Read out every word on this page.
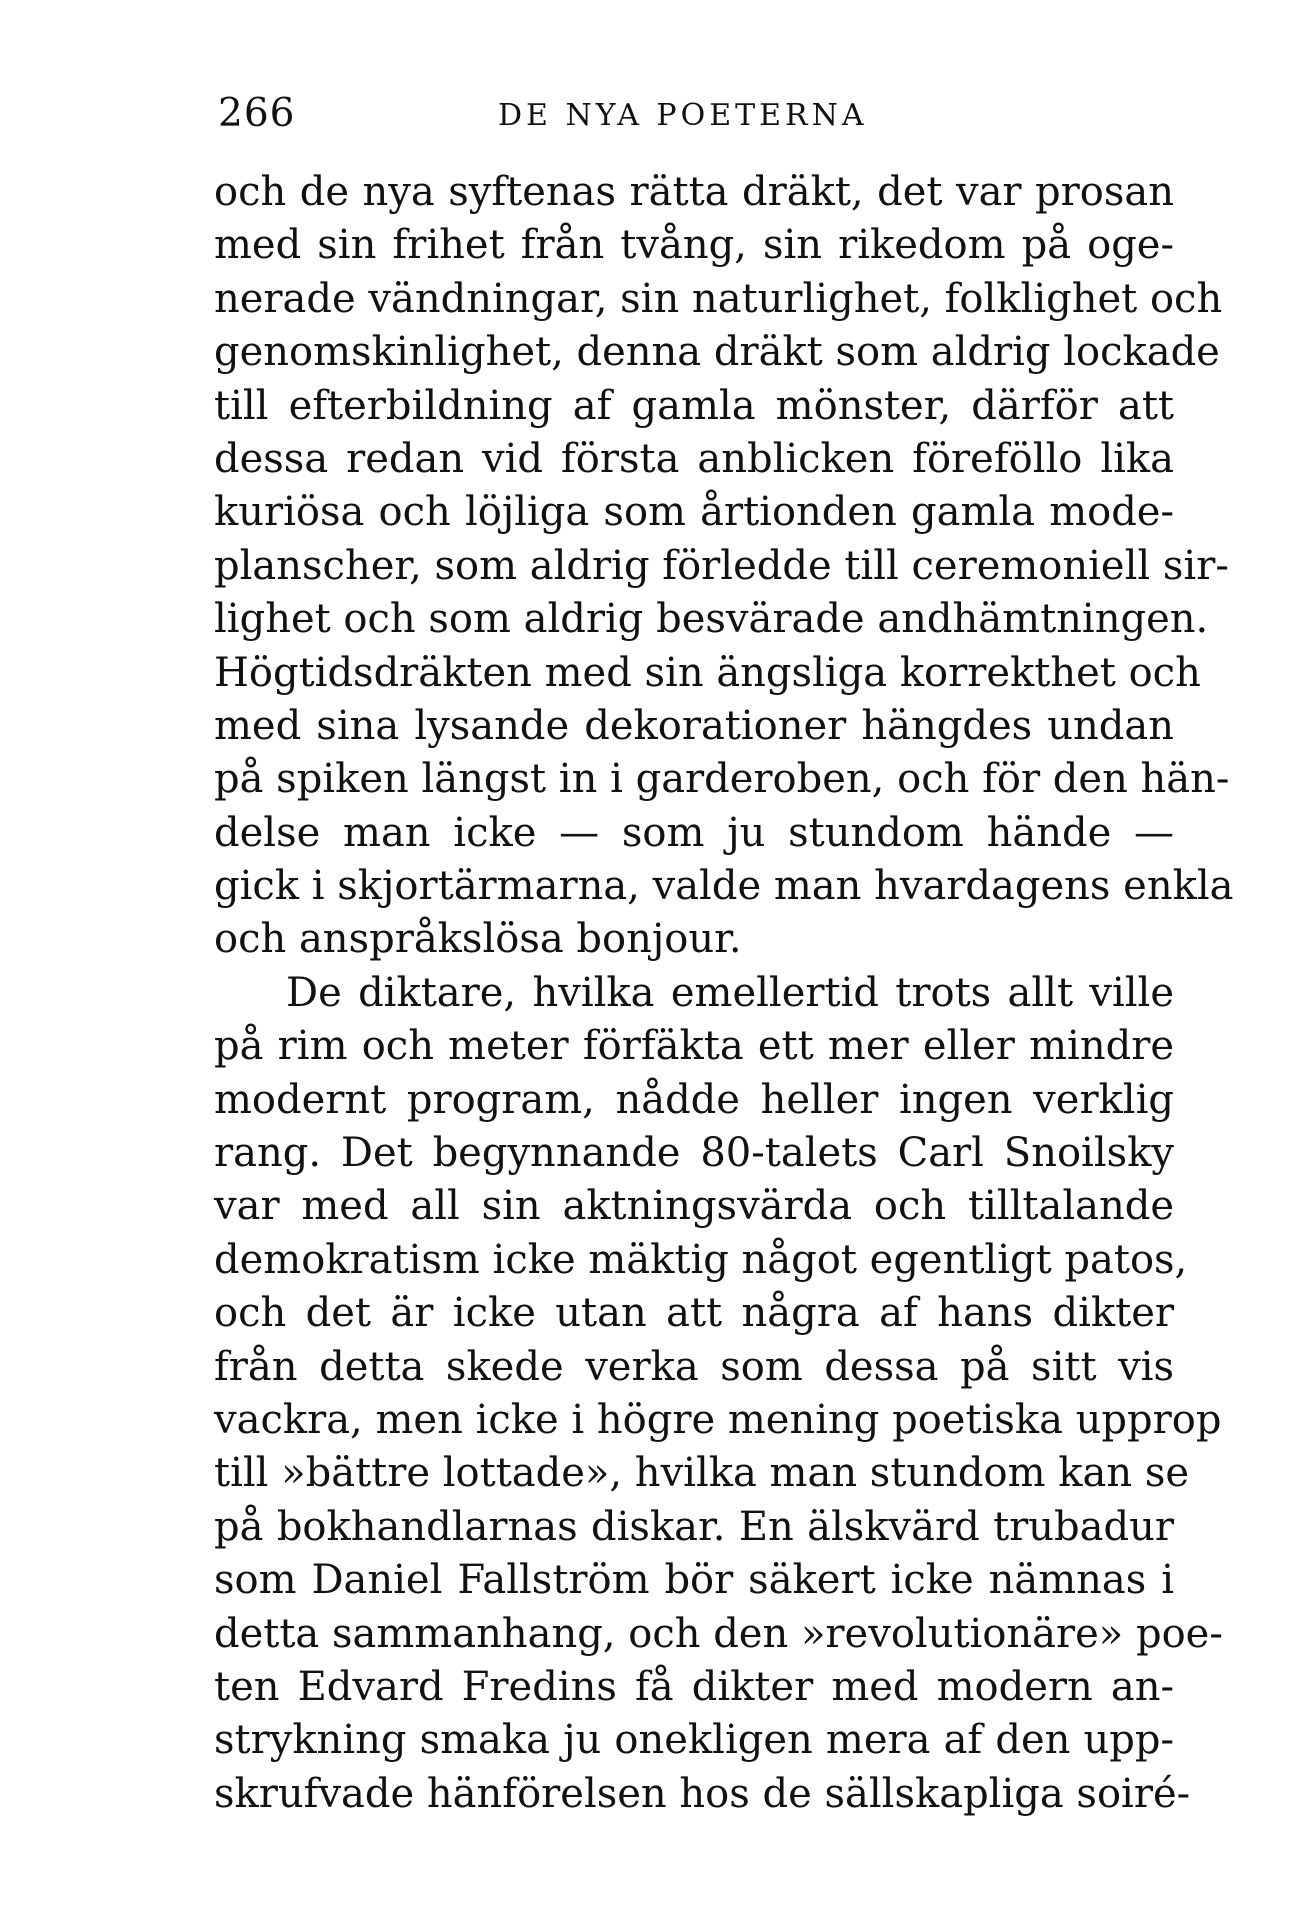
266	DE NYA POETERNA
och de nya syftenas rätta dräkt, det var prosan
med sin frihet från tvång, sin rikedom på oge-
nerade vändningar, sin naturlighet, folklighet och
genomskinlighet, denna dräkt som aldrig lockade
till efterbildning af gamla mönster, därför att
dessa redan vid första anblicken föreföllo lika
kuriösa och löjliga som årtionden gamla mode-
planscher, som aldrig förledde till ceremoniell sir-
lighet och som aldrig besvärade andhämtningen.
Högtidsdräkten med sin ängsliga korrekthet och
med sina lysande dekorationer hängdes undan
på spiken längst in i garderoben, och för den hän-
delse man icke — som ju stundom hände —
gick i skjortärmarna, valde man hvardagens enkla
och anspråkslösa bonjour.
De diktare, hvilka emellertid trots allt ville
på rim och meter förfäkta ett mer eller mindre
modernt program, nådde heller ingen verklig
rang. Det begynnande 80-talets Carl Snoilsky
var med all sin aktningsvärda och tilltalande
demokratism icke mäktig något egentligt patos,
och det är icke utan att några af hans dikter
från detta skede verka som dessa på sitt vis
vackra, men icke i högre mening poetiska upprop
till »bättre lottade», hvilka man stundom kan se
på bokhandlarnas diskar. En älskvärd trubadur
som Daniel Fallström bör säkert icke nämnas i
detta sammanhang, och den »revolutionäre» poe-
ten Edvard Fredins få dikter med modern an-
strykning smaka ju onekligen mera af den upp-
skrufvade hänförelsen hos de sällskapliga soiré-
